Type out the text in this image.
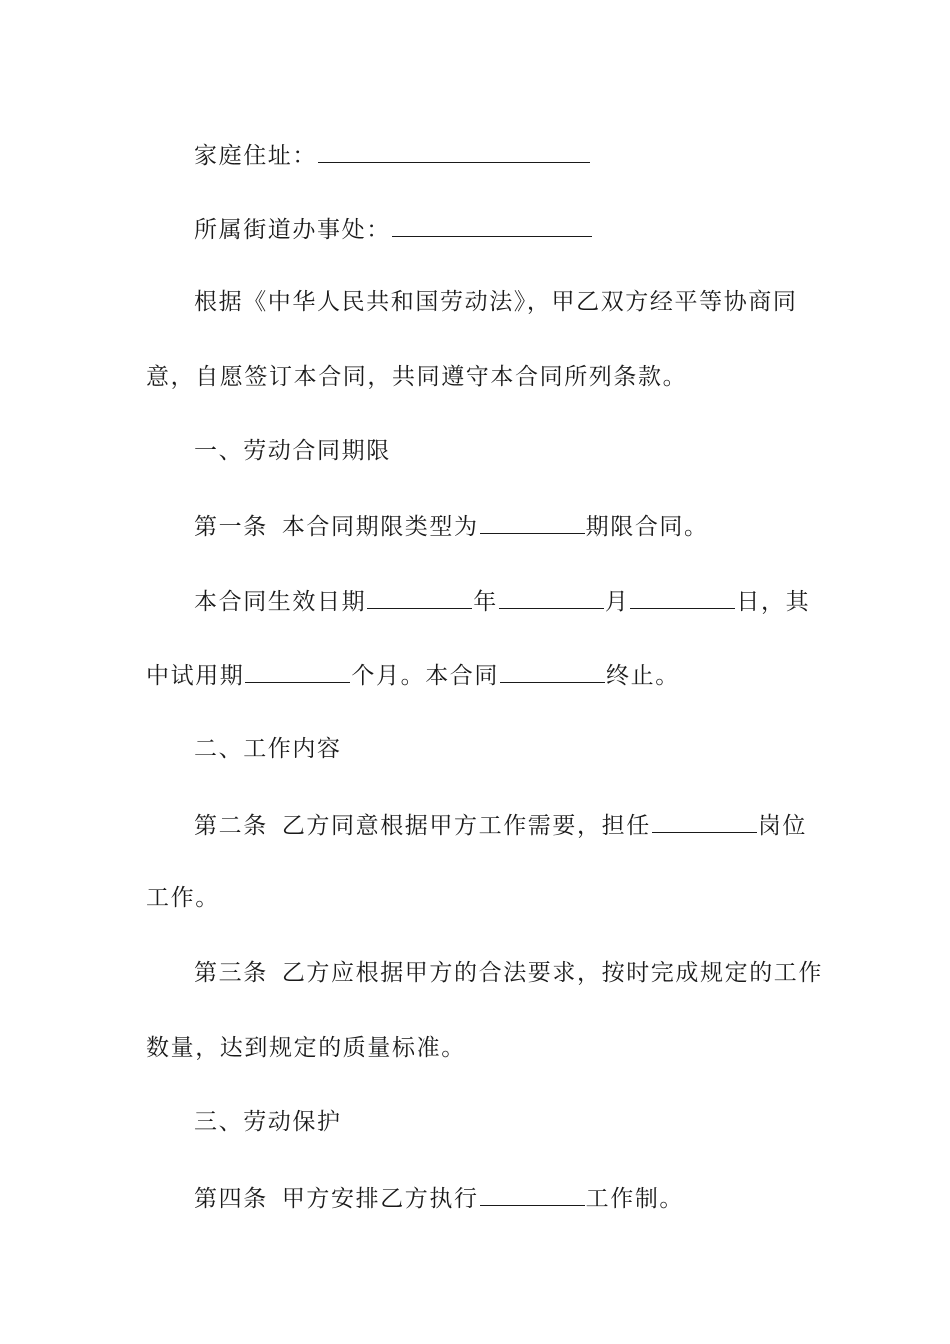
家庭住址：
所属街道办事处：
根据《中华人民共和国劳动法》，甲乙双方经平等协商同
意，自愿签订本合同，共同遵守本合同所列条款。
一、劳动合同期限
第一条 本合同期限类型为	期限合同。
本合同生效日期	年	月	日，其
中试用期	个月。本合同	终止。
二、工作内容
第二条 乙方同意根据甲方工作需要，担任	岗位
工作。
第三条 乙方应根据甲方的合法要求，按时完成规定的工作
数量，达到规定的质量标准。
三、劳动保护
第四条 甲方安排乙方执行	工作制。
